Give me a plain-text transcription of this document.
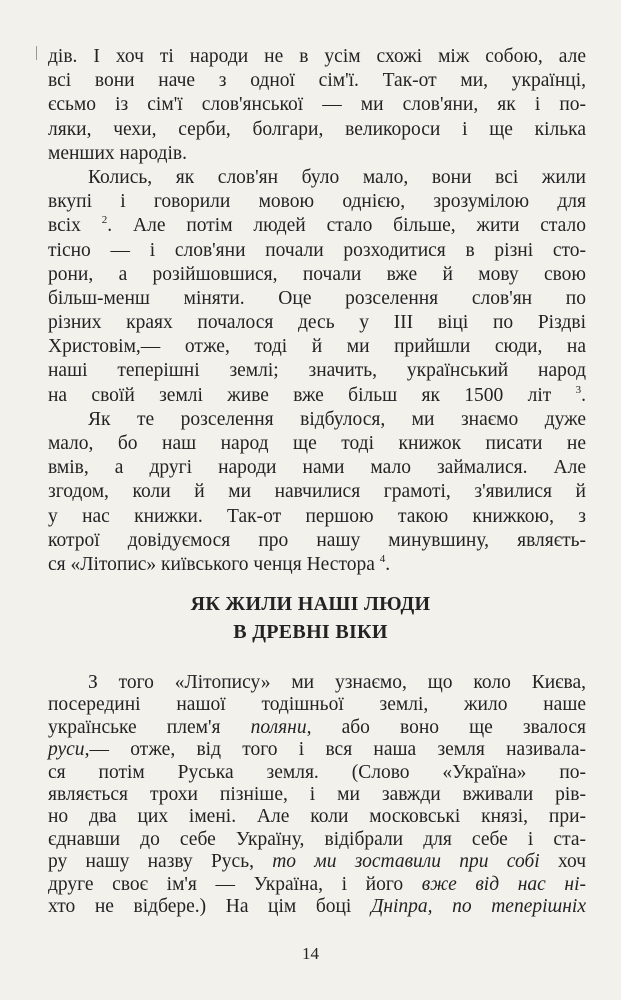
дів. І хоч ті народи не в усім схожі між собою, але
всі вони наче з одної сім'ї. Так-от ми, українці,
єсьмо із сім'ї слов'янської — ми слов'яни, як і по-
ляки, чехи, серби, болгари, великороси і ще кілька
менших народів.
Колись, як слов'ян було мало, вони всі жили
вкупі і говорили мовою однією, зрозумілою для
всіх $^2$. Але потім людей стало більше, жити стало
тісно — і слов'яни почали розходитися в різні сто-
рони, а розійшовшися, почали вже й мову свою
більш-менш міняти. Оце розселення слов'ян по
різних краях почалося десь у III віці по Різдві
Христовім,— отже, тоді й ми прийшли сюди, на
наші теперішні землі; значить, український народ
на своїй землі живе вже більш як 1500 літ $^3$.
Як те розселення відбулося, ми знаємо дуже
мало, бо наш народ ще тоді книжок писати не
вмів, а другі народи нами мало займалися. Але
згодом, коли й ми навчилися грамоті, з'явилися й
у нас книжки. Так-от першою такою книжкою, з
котрої довідуємося про нашу минувшину, являєть-
ся «Літопис» київського ченця Нестора $^4$.
ЯК ЖИЛИ НАШІ ЛЮДИ
В ДРЕВНІ ВІКИ
З того «Літопису» ми узнаємо, що коло Києва,
посередині нашої тодішньої землі, жило наше
українське плем'я поляни, або воно ще звалося
руси,— отже, від того і вся наша земля називала-
ся потім Руська земля. (Слово «Україна» по-
являється трохи пізніше, і ми завжди вживали рів-
но два цих імені. Але коли московські князі, при-
єднавши до себе Україну, відібрали для себе і ста-
ру нашу назву Русь, то ми зоставили при собі хоч
друге своє ім'я — Україна, і його вже від нас ні-
хто не відбере.) На цім боці Дніпра, по теперішніх
14
